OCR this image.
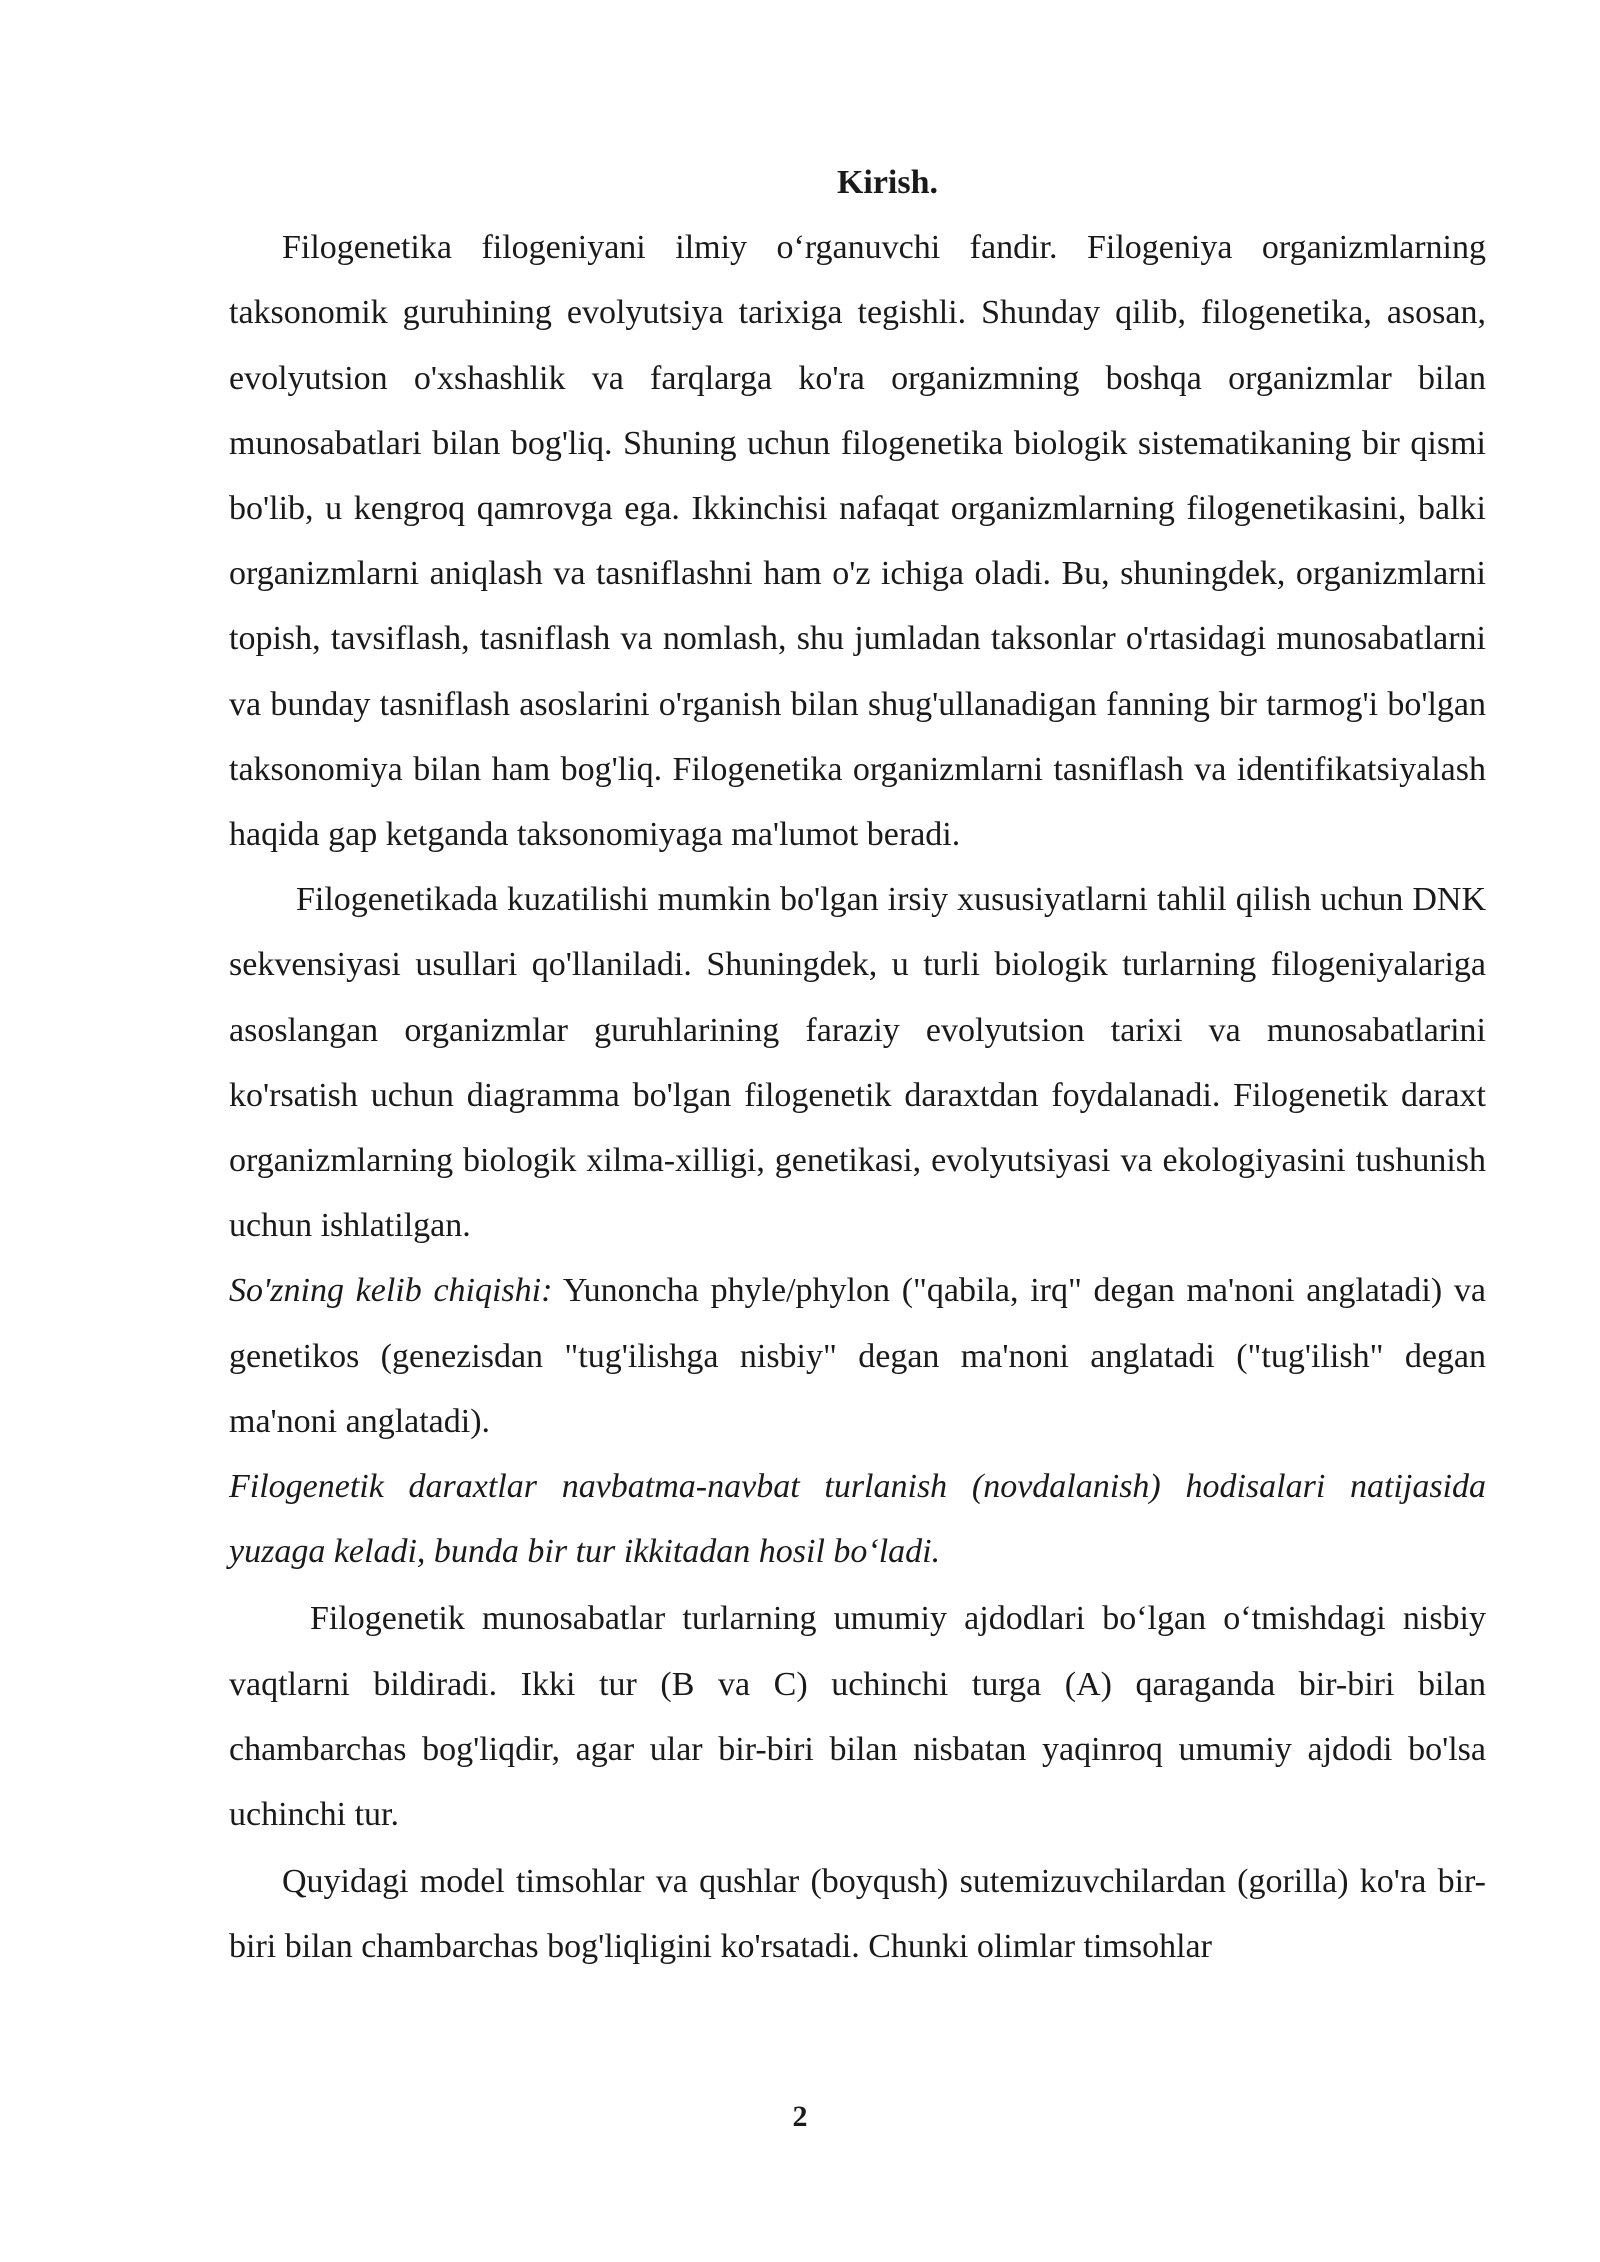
Kirish.

Filogenetika filogeniyani ilmiy o‘rganuvchi fandir. Filogeniya organizmlarning taksonomik guruhining evolyutsiya tarixiga tegishli. Shunday qilib, filogenetika, asosan, evolyutsion o'xshashlik va farqlarga ko'ra organizmning boshqa organizmlar bilan munosabatlari bilan bog'liq. Shuning uchun filogenetika biologik sistematikaning bir qismi bo'lib, u kengroq qamrovga ega. Ikkinchisi nafaqat organizmlarning filogenetikasini, balki organizmlarni aniqlash va tasniflashni ham o'z ichiga oladi. Bu, shuningdek, organizmlarni topish, tavsiflash, tasniflash va nomlash, shu jumladan taksonlar o'rtasidagi munosabatlarni va bunday tasniflash asoslarini o'rganish bilan shug'ullanadigan fanning bir tarmog'i bo'lgan taksonomiya bilan ham bog'liq. Filogenetika organizmlarni tasniflash va identifikatsiyalash haqida gap ketganda taksonomiyaga ma'lumot beradi.

Filogenetikada kuzatilishi mumkin bo'lgan irsiy xususiyatlarni tahlil qilish uchun DNK sekvensiyasi usullari qo'llaniladi. Shuningdek, u turli biologik turlarning filogeniyalariga asoslangan organizmlar guruhlarining faraziy evolyutsion tarixi va munosabatlarini ko'rsatish uchun diagramma bo'lgan filogenetik daraxtdan foydalanadi. Filogenetik daraxt organizmlarning biologik xilma-xilligi, genetikasi, evolyutsiyasi va ekologiyasini tushunish uchun ishlatilgan.

So'zning kelib chiqishi: Yunoncha phyle/phylon ("qabila, irq" degan ma'noni anglatadi) va genetikos (genezisdan "tug'ilishga nisbiy" degan ma'noni anglatadi ("tug'ilish" degan ma'noni anglatadi).

Filogenetik daraxtlar navbatma-navbat turlanish (novdalanish) hodisalari natijasida yuzaga keladi, bunda bir tur ikkitadan hosil bo‘ladi.

Filogenetik munosabatlar turlarning umumiy ajdodlari bo‘lgan o‘tmishdagi nisbiy vaqtlarni bildiradi. Ikki tur (B va C) uchinchi turga (A) qaraganda bir-biri bilan chambarchas bog'liqdir, agar ular bir-biri bilan nisbatan yaqinroq umumiy ajdodi bo'lsa uchinchi tur.

Quyidagi model timsohlar va qushlar (boyqush) sutemizuvchilardan (gorilla) ko'ra bir-biri bilan chambarchas bog'liqligini ko'rsatadi. Chunki olimlar timsohlar

2
